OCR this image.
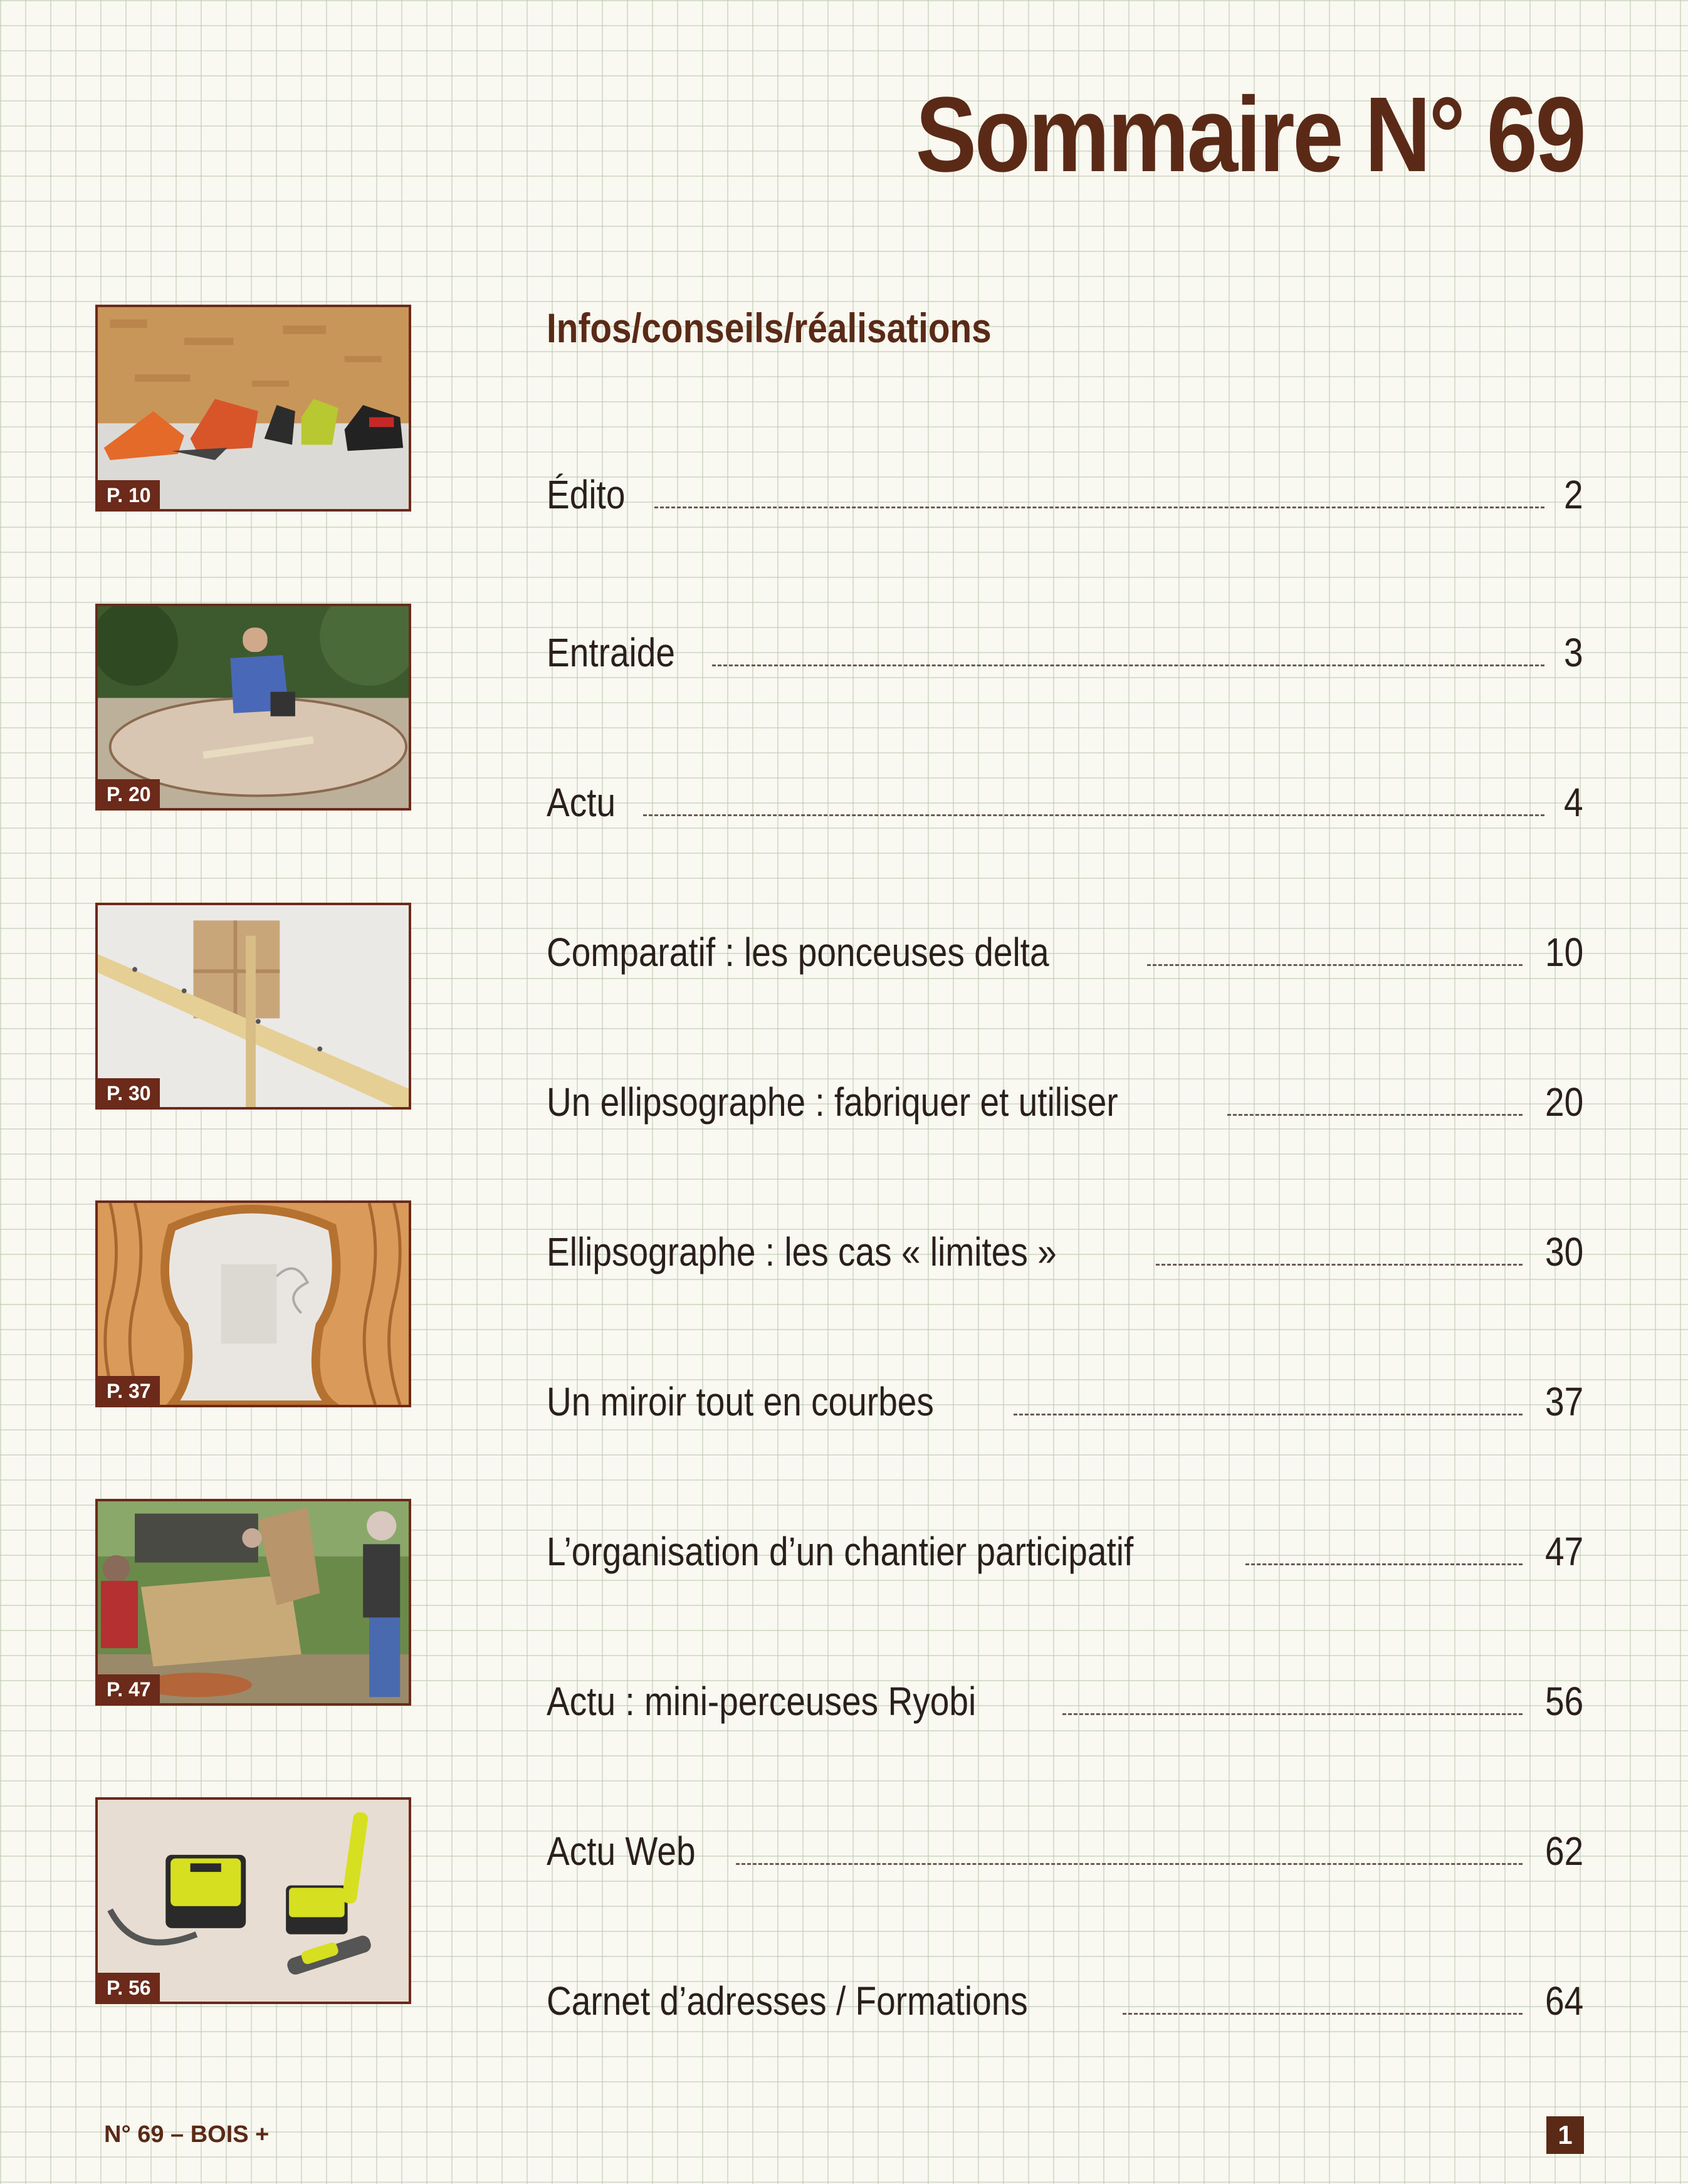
Sommaire N° 69
Infos/conseils/réalisations
P. 10
P. 20
P. 30
P. 37
P. 47
P. 56
Édito	2
Entraide	3
Actu	4
Comparatif : les ponceuses delta	10
Un ellipsographe : fabriquer et utiliser	20
Ellipsographe : les cas « limites »	30
Un miroir tout en courbes	37
L’organisation d’un chantier participatif	47
Actu : mini-perceuses Ryobi	56
Actu Web	62
Carnet d’adresses / Formations	64
N° 69 – BOIS +	1
